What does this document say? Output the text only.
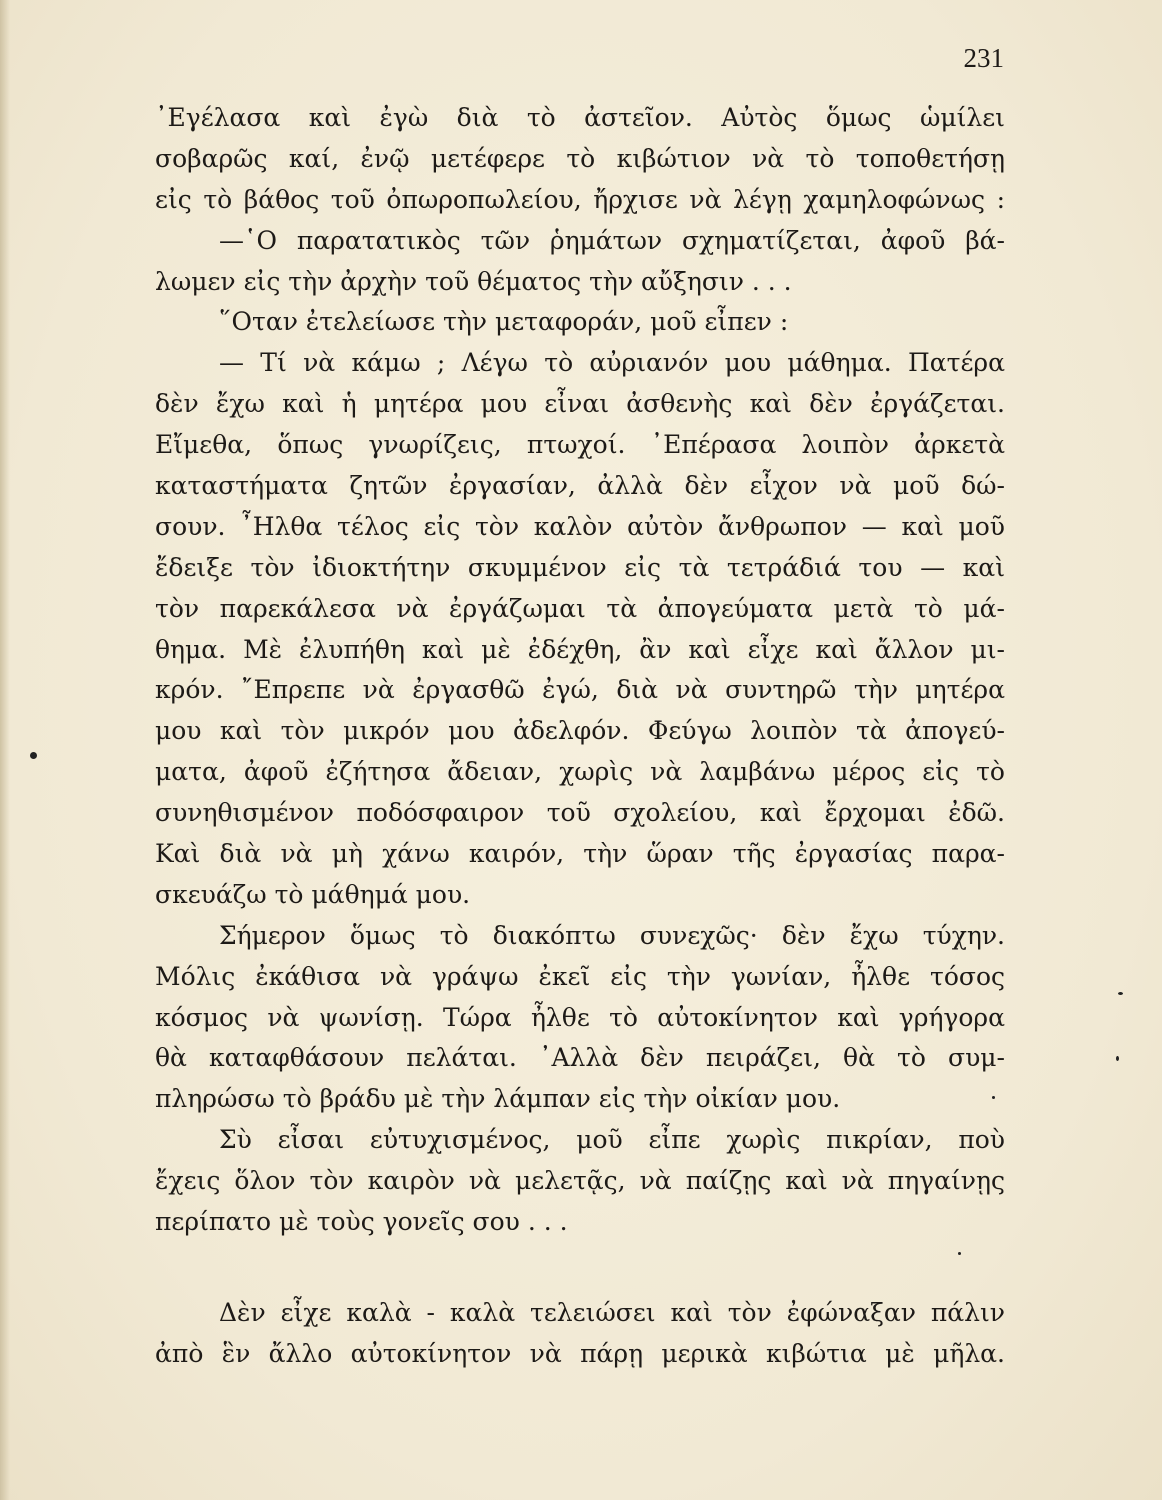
231
᾿Εγέλασα καὶ ἐγὼ διὰ τὸ ἀστεῖον. Αὐτὸς ὅμως ὡμίλει
σοβαρῶς καί, ἐνῷ μετέφερε τὸ κιβώτιον νὰ τὸ τοποθετήσῃ
εἰς τὸ βάθος τοῦ ὀπωροπωλείου, ἤρχισε νὰ λέγῃ χαμηλοφώνως :
—῾Ο παρατατικὸς τῶν ῥημάτων σχηματίζεται, ἀφοῦ βά-
λωμεν εἰς τὴν ἀρχὴν τοῦ θέματος τὴν αὔξησιν . . .
῞Οταν ἐτελείωσε τὴν μεταφοράν, μοῦ εἶπεν :
— Τί νὰ κάμω ; Λέγω τὸ αὐριανόν μου μάθημα. Πατέρα
δὲν ἔχω καὶ ἡ μητέρα μου εἶναι ἀσθενὴς καὶ δὲν ἐργάζεται.
Εἴμεθα, ὅπως γνωρίζεις, πτωχοί. ᾿Επέρασα λοιπὸν ἀρκετὰ
καταστήματα ζητῶν ἐργασίαν, ἀλλὰ δὲν εἶχον νὰ μοῦ δώ-
σουν. ῏Ηλθα τέλος εἰς τὸν καλὸν αὐτὸν ἄνθρωπον — καὶ μοῦ
ἔδειξε τὸν ἰδιοκτήτην σκυμμένον εἰς τὰ τετράδιά του — καὶ
τὸν παρεκάλεσα νὰ ἐργάζωμαι τὰ ἀπογεύματα μετὰ τὸ μά-
θημα. Μὲ ἐλυπήθη καὶ μὲ ἐδέχθη, ἂν καὶ εἶχε καὶ ἄλλον μι-
κρόν. ῎Επρεπε νὰ ἐργασθῶ ἐγώ, διὰ νὰ συντηρῶ τὴν μητέρα
μου καὶ τὸν μικρόν μου ἀδελφόν. Φεύγω λοιπὸν τὰ ἀπογεύ-
ματα, ἀφοῦ ἐζήτησα ἄδειαν, χωρὶς νὰ λαμβάνω μέρος εἰς τὸ
συνηθισμένον ποδόσφαιρον τοῦ σχολείου, καὶ ἔρχομαι ἐδῶ.
Καὶ διὰ νὰ μὴ χάνω καιρόν, τὴν ὥραν τῆς ἐργασίας παρα-
σκευάζω τὸ μάθημά μου.
Σήμερον ὅμως τὸ διακόπτω συνεχῶς· δὲν ἔχω τύχην.
Μόλις ἐκάθισα νὰ γράψω ἐκεῖ εἰς τὴν γωνίαν, ἦλθε τόσος
κόσμος νὰ ψωνίσῃ. Τώρα ἦλθε τὸ αὐτοκίνητον καὶ γρήγορα
θὰ καταφθάσουν πελάται. ᾿Αλλὰ δὲν πειράζει, θὰ τὸ συμ-
πληρώσω τὸ βράδυ μὲ τὴν λάμπαν εἰς τὴν οἰκίαν μου.
Σὺ εἶσαι εὐτυχισμένος, μοῦ εἶπε χωρὶς πικρίαν, ποὺ
ἔχεις ὅλον τὸν καιρὸν νὰ μελετᾷς, νὰ παίζῃς καὶ νὰ πηγαίνῃς
περίπατο μὲ τοὺς γονεῖς σου . . .
Δὲν εἶχε καλὰ - καλὰ τελειώσει καὶ τὸν ἐφώναξαν πάλιν
ἀπὸ ἓν ἄλλο αὐτοκίνητον νὰ πάρῃ μερικὰ κιβώτια μὲ μῆλα.
